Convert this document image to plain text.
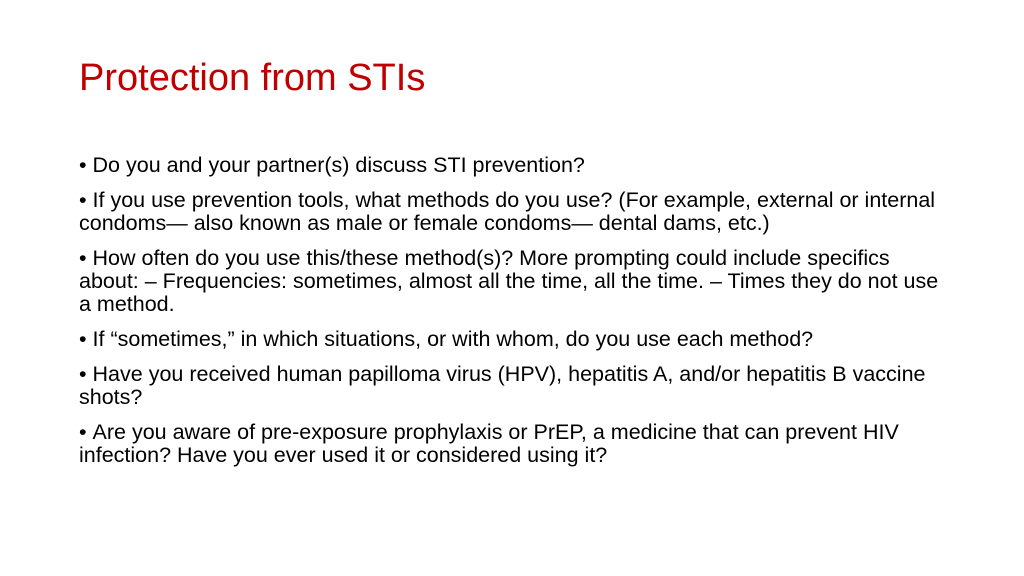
Protection from STIs
• Do you and your partner(s) discuss STI prevention?
• If you use prevention tools, what methods do you use? (For example, external or internal condoms— also known as male or female condoms— dental dams, etc.)
• How often do you use this/these method(s)? More prompting could include specifics about: – Frequencies: sometimes, almost all the time, all the time. – Times they do not use a method.
• If “sometimes,” in which situations, or with whom, do you use each method?
• Have you received human papilloma virus (HPV), hepatitis A, and/or hepatitis B vaccine shots?
• Are you aware of pre-exposure prophylaxis or PrEP, a medicine that can prevent HIV infection? Have you ever used it or considered using it?
